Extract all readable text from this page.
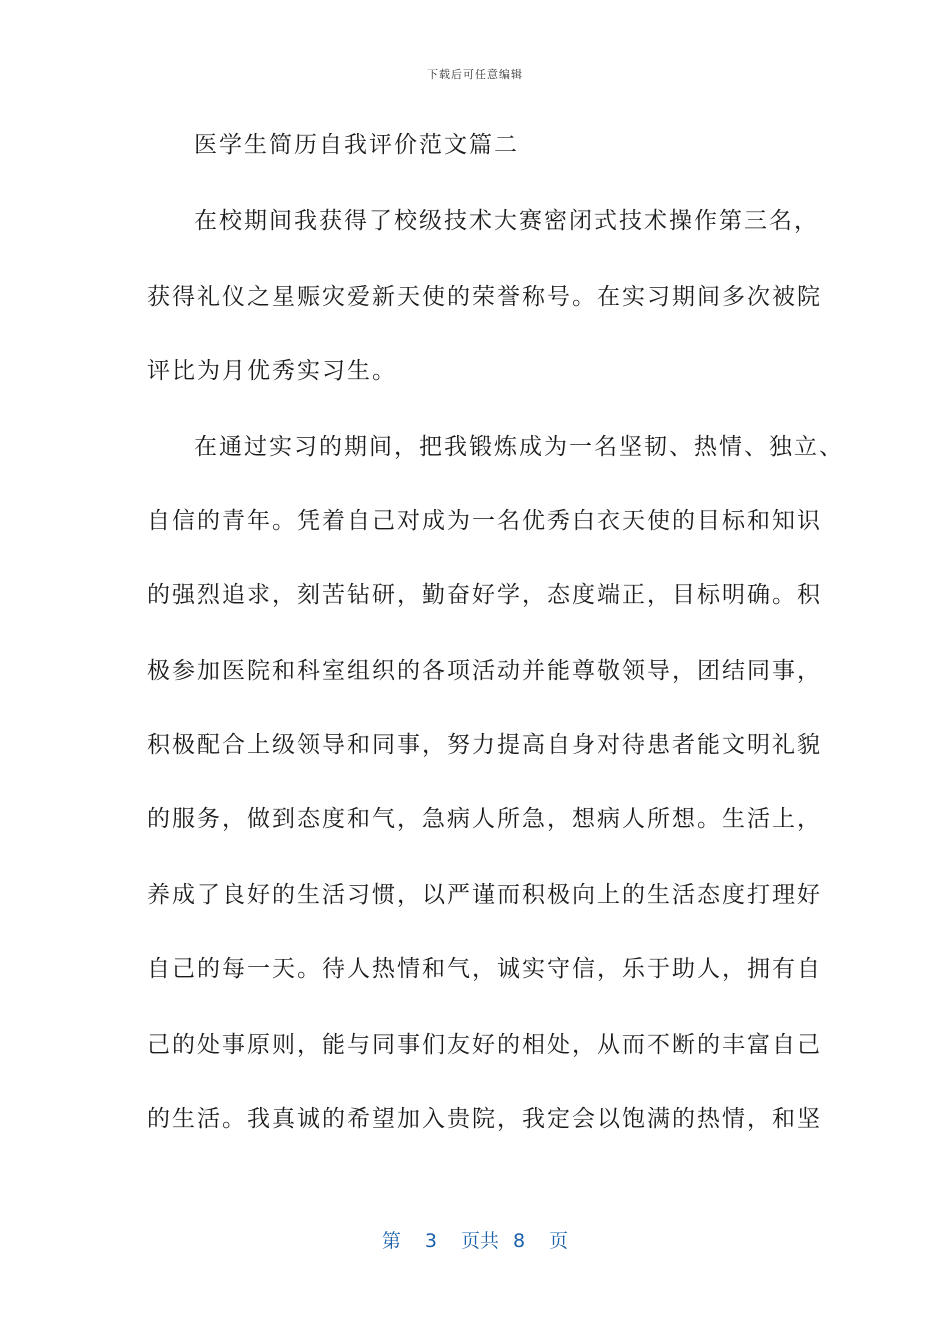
下载后可任意编辑
医学生简历自我评价范文篇二
在校期间我获得了校级技术大赛密闭式技术操作第三名，
获得礼仪之星赈灾爱新天使的荣誉称号。在实习期间多次被院
评比为月优秀实习生。
在通过实习的期间，把我锻炼成为一名坚韧、热情、独立、
自信的青年。凭着自己对成为一名优秀白衣天使的目标和知识
的强烈追求，刻苦钻研，勤奋好学，态度端正，目标明确。积
极参加医院和科室组织的各项活动并能尊敬领导，团结同事，
积极配合上级领导和同事，努力提高自身对待患者能文明礼貌
的服务，做到态度和气，急病人所急，想病人所想。生活上，
养成了良好的生活习惯，以严谨而积极向上的生活态度打理好
自己的每一天。待人热情和气，诚实守信，乐于助人，拥有自
己的处事原则，能与同事们友好的相处，从而不断的丰富自己
的生活。我真诚的希望加入贵院，我定会以饱满的热情，和坚
第 3 页共 8 页
